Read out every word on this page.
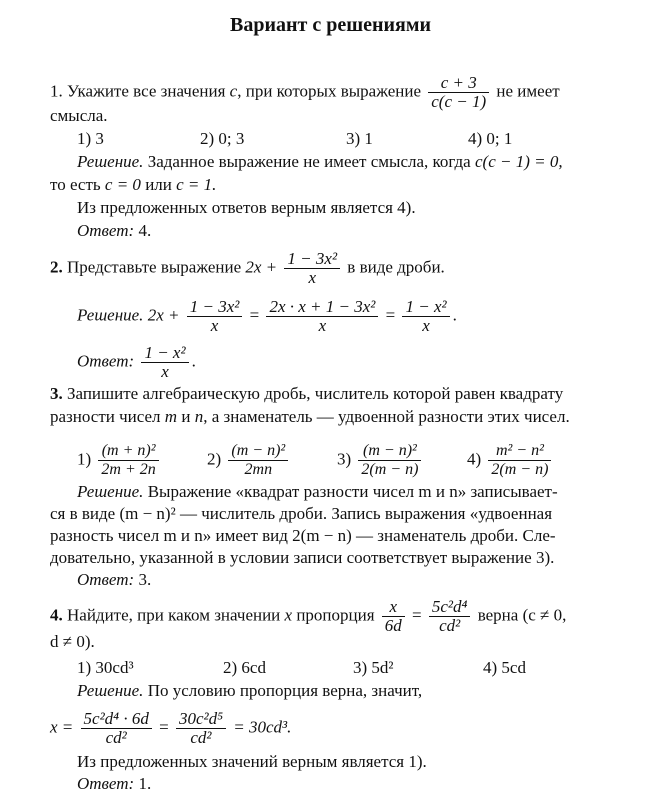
Вариант с решениями
1. Укажите все значения c, при которых выражение $\frac{c + 3}{c(c - 1)}$ не имеет
смысла.
1) 3	2) 0; 3	3) 1	4) 0; 1
Решение. Заданное выражение не имеет смысла, когда c(c − 1) = 0,
то есть c = 0 или c = 1.
Из предложенных ответов верным является 4).
Ответ: 4.
2. Представьте выражение $2x + \frac{\text{1 − 3x²}}{x}$ в виде дроби.
Решение. $2x + \frac{\text{1 − 3x²}}{x} = \frac{\text{2x · x + 1 − 3x²}}{x} = \frac{\text{1 − x²}}{x}$ .
Ответ: $\frac{\text{1 − x²}}{x}$ .
3. Запишите алгебраическую дробь, числитель которой равен квадрату
разности чисел m и n, а знаменатель — удвоенной разности этих чисел.
$1) \frac{\text{(m + n)²}}{2m + 2n}$	$2) \frac{\text{(m − n)²}}{2mn}$	$3) \frac{\text{(m − n)²}}{2(m - n)}$	$4) \frac{\text{m² − n²}}{2(m - n)}$
Решение. Выражение «квадрат разности чисел m и n» записывает-
ся в виде (m − n)² — числитель дроби. Запись выражения «удвоенная
разность чисел m и n» имеет вид 2(m − n) — знаменатель дроби. Сле-
довательно, указанной в условии записи соответствует выражение 3).
Ответ: 3.
4. Найдите, при каком значении x пропорция $\frac{x}{6d} = \frac{\text{5c²d⁴}}{\text{cd²}}$ верна (c ≠ 0,
d ≠ 0).
1) 30cd³	2) 6cd	3) 5d²	4) 5cd
Решение. По условию пропорция верна, значит,
$x = \frac{\text{5c²d⁴ · 6d}}{\text{cd²}} = \frac{\text{30c²d⁵}}{\text{cd²}} = 30cd^3$.
Из предложенных значений верным является 1).
Ответ: 1.
